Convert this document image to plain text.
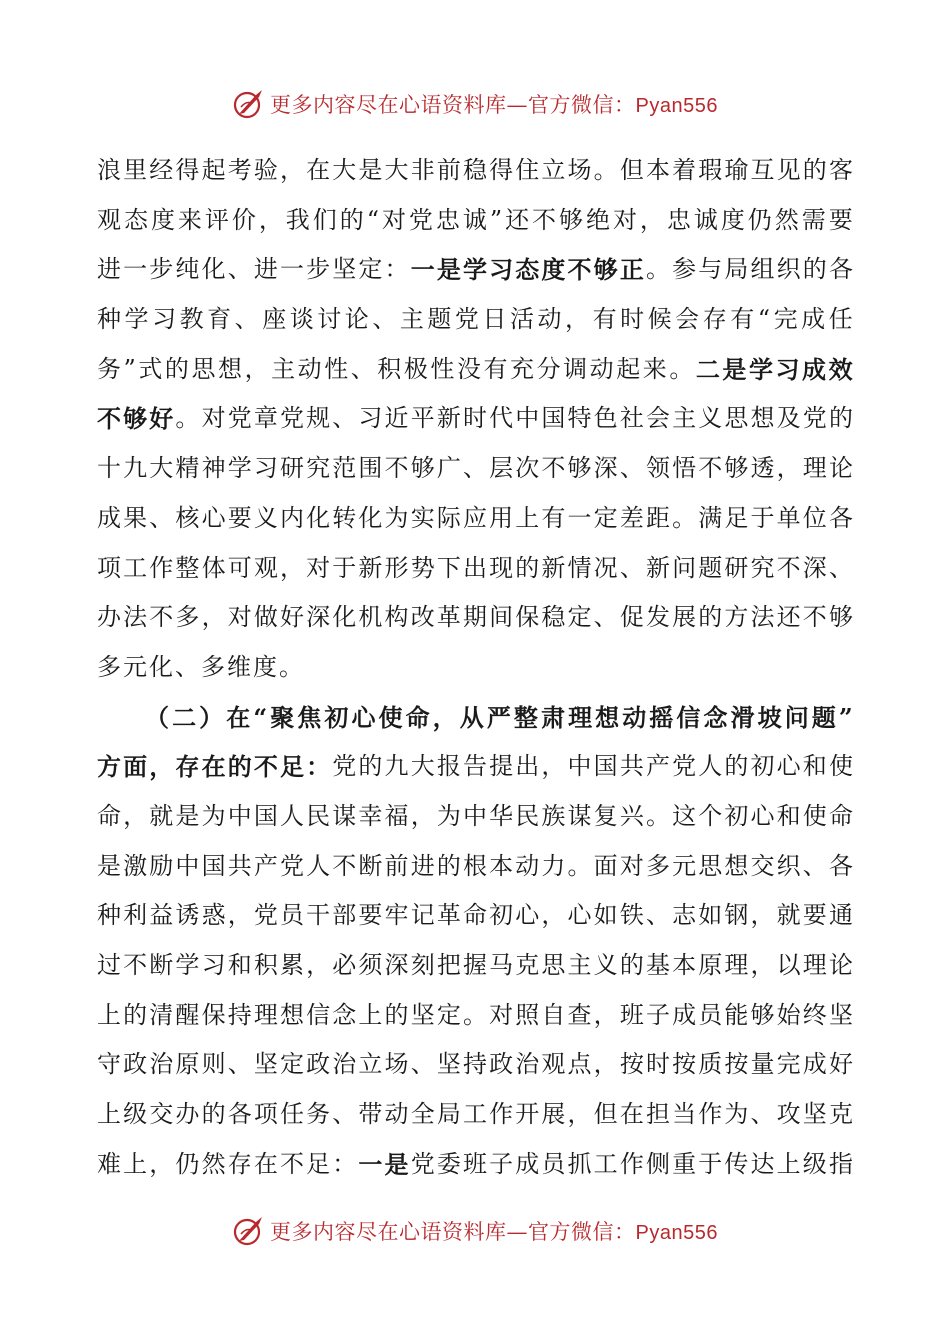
更多内容尽在心语资料库—官方微信：Pyan556
浪 里 经 得 起 考 验 ， 在 大 是 大 非 前 稳 得 住 立 场 。 但 本 着 瑕 瑜 互 见 的 客
观 态 度 来 评 价 ， 我 们 的 “ 对 党 忠 诚 ” 还 不 够 绝 对 ， 忠 诚 度 仍 然 需 要
进 一 步 纯 化 、 进 一 步 坚 定 ： 一 是 学 习 态 度 不 够 正 。 参 与 局 组 织 的 各
种 学 习 教 育 、 座 谈 讨 论 、 主 题 党 日 活 动 ， 有 时 候 会 存 有 “ 完 成 任
务 ” 式 的 思 想 ， 主 动 性 、 积 极 性 没 有 充 分 调 动 起 来 。 二 是 学 习 成 效
不 够 好 。 对 党 章 党 规 、 习 近 平 新 时 代 中 国 特 色 社 会 主 义 思 想 及 党 的
十 九 大 精 神 学 习 研 究 范 围 不 够 广 、 层 次 不 够 深 、 领 悟 不 够 透 ， 理 论
成 果 、 核 心 要 义 内 化 转 化 为 实 际 应 用 上 有 一 定 差 距 。 满 足 于 单 位 各
项 工 作 整 体 可 观 ， 对 于 新 形 势 下 出 现 的 新 情 况 、 新 问 题 研 究 不 深 、
办 法 不 多 ， 对 做 好 深 化 机 构 改 革 期 间 保 稳 定 、 促 发 展 的 方 法 还 不 够
多 元 化 、 多 维 度 。
（ 二 ） 在 “ 聚 焦 初 心 使 命 ， 从 严 整 肃 理 想 动 摇 信 念 滑 坡 问 题 ”
方 面 ， 存 在 的 不 足 ： 党 的 九 大 报 告 提 出 ， 中 国 共 产 党 人 的 初 心 和 使
命 ， 就 是 为 中 国 人 民 谋 幸 福 ， 为 中 华 民 族 谋 复 兴 。 这 个 初 心 和 使 命
是 激 励 中 国 共 产 党 人 不 断 前 进 的 根 本 动 力 。 面 对 多 元 思 想 交 织 、 各
种 利 益 诱 惑 ， 党 员 干 部 要 牢 记 革 命 初 心 ， 心 如 铁 、 志 如 钢 ， 就 要 通
过 不 断 学 习 和 积 累 ， 必 须 深 刻 把 握 马 克 思 主 义 的 基 本 原 理 ， 以 理 论
上 的 清 醒 保 持 理 想 信 念 上 的 坚 定 。 对 照 自 查 ， 班 子 成 员 能 够 始 终 坚
守 政 治 原 则 、 坚 定 政 治 立 场 、 坚 持 政 治 观 点 ， 按 时 按 质 按 量 完 成 好
上 级 交 办 的 各 项 任 务 、 带 动 全 局 工 作 开 展 ， 但 在 担 当 作 为 、 攻 坚 克
难 上 ， 仍 然 存 在 不 足 ： 一 是 党 委 班 子 成 员 抓 工 作 侧 重 于 传 达 上 级 指
更多内容尽在心语资料库—官方微信：Pyan556
